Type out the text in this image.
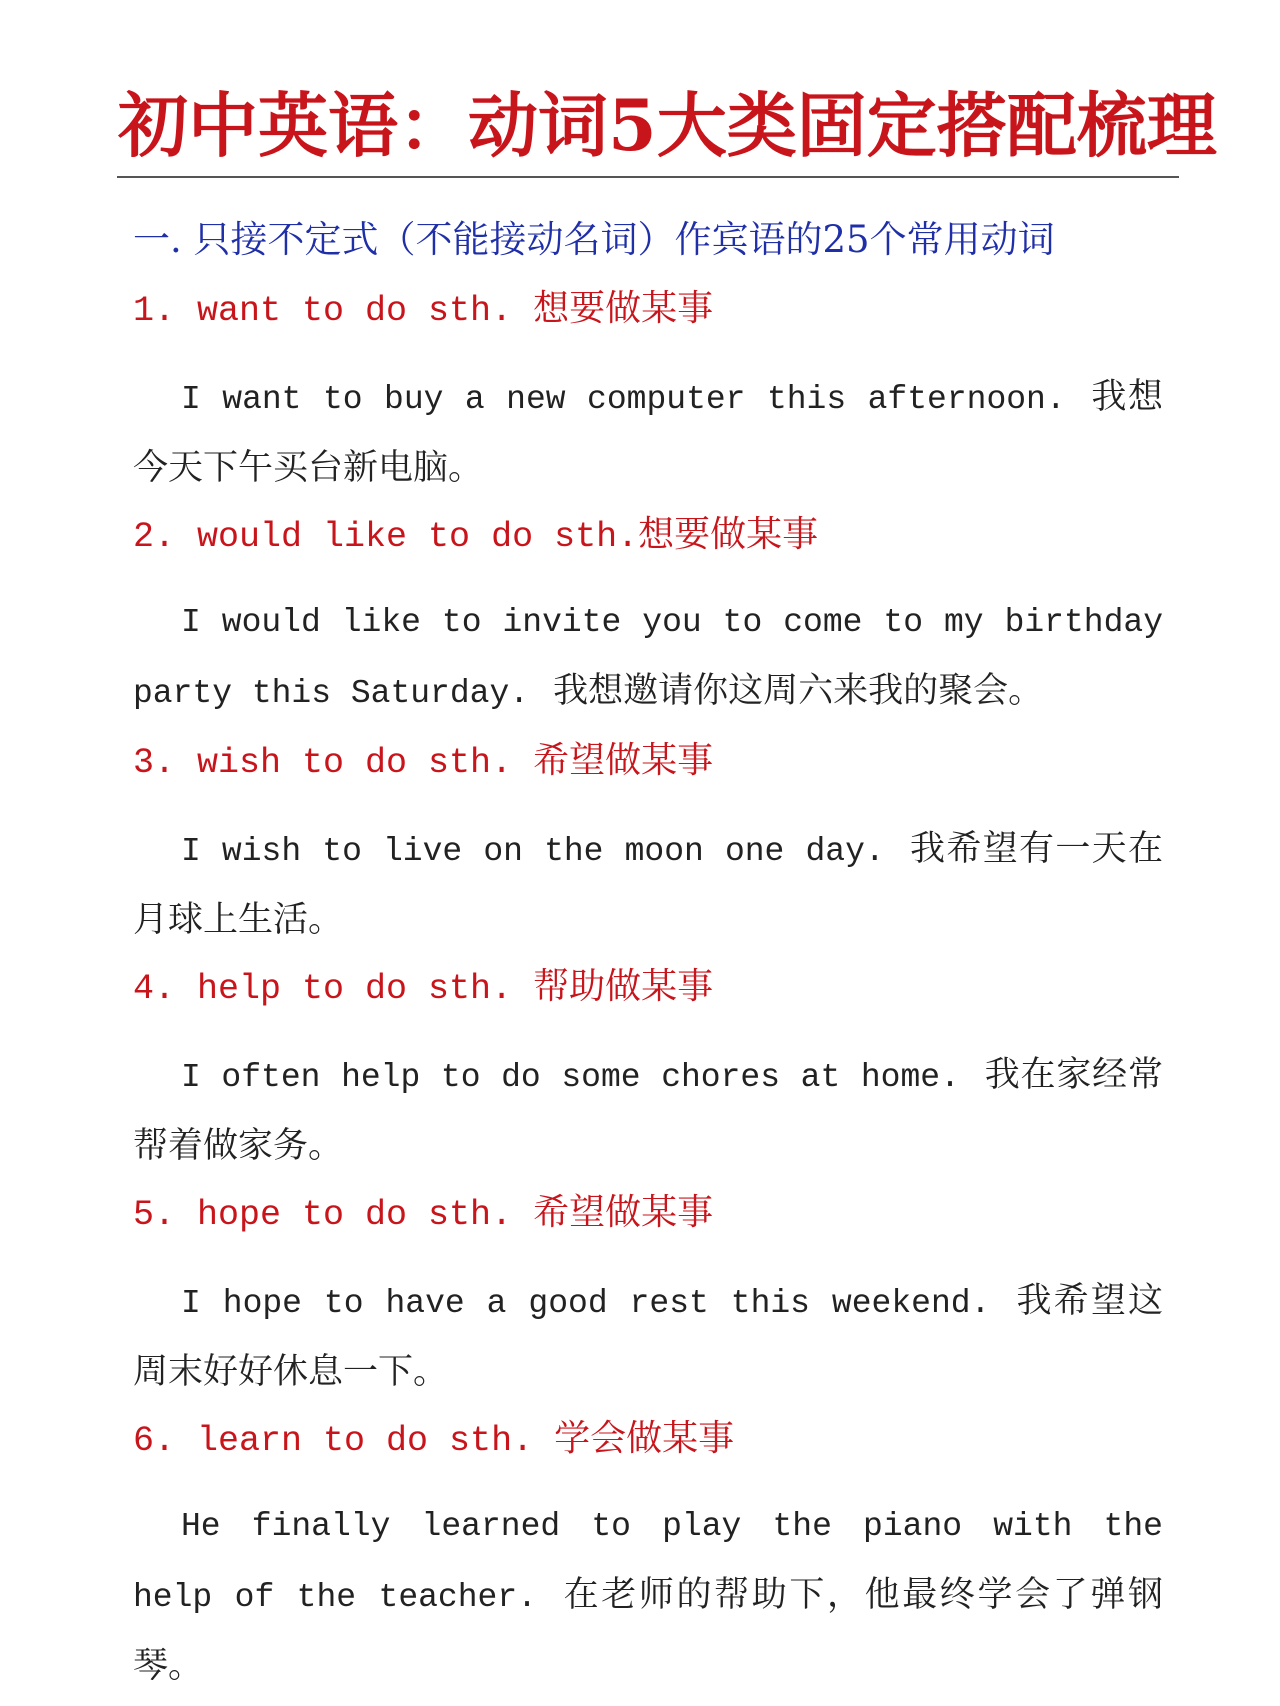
初中英语：动词5大类固定搭配梳理
一. 只接不定式（不能接动名词）作宾语的25个常用动词
1. want to do sth. 想要做某事
I want to buy a new computer this afternoon. 我想今天下午买台新电脑。
2. would like to do sth.想要做某事
I would like to invite you to come to my birthday party this Saturday. 我想邀请你这周六来我的聚会。
3. wish to do sth. 希望做某事
I wish to live on the moon one day. 我希望有一天在月球上生活。
4. help to do sth. 帮助做某事
I often help to do some chores at home. 我在家经常帮着做家务。
5. hope to do sth. 希望做某事
I hope to have a good rest this weekend. 我希望这周末好好休息一下。
6. learn to do sth. 学会做某事
He finally learned to play the piano with the help of the teacher. 在老师的帮助下，他最终学会了弹钢琴。
